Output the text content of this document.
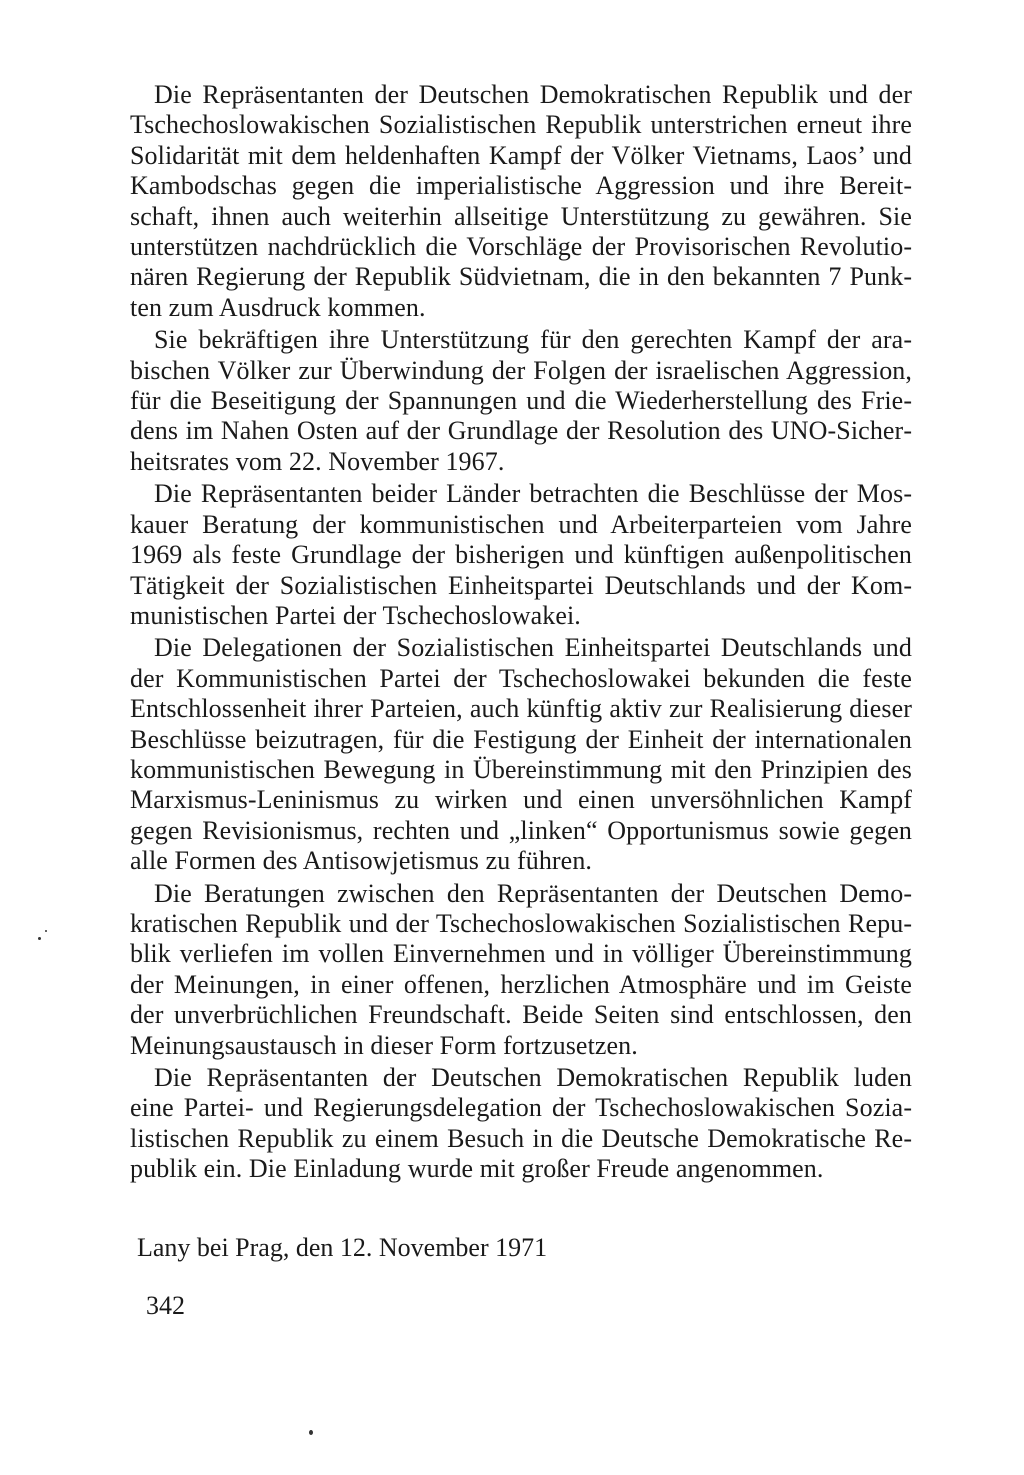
Die Repräsentanten der Deutschen Demokratischen Republik und der Tschechoslowakischen Sozialistischen Republik unterstrichen erneut ihre Solidarität mit dem heldenhaften Kampf der Völker Vietnams, Laos’ und Kambodschas gegen die imperialistische Aggression und ihre Bereitschaft, ihnen auch weiterhin allseitige Unterstützung zu gewähren. Sie unterstützen nachdrücklich die Vorschläge der Provisorischen Revolutionären Regierung der Republik Südvietnam, die in den bekannten 7 Punkten zum Ausdruck kommen.

Sie bekräftigen ihre Unterstützung für den gerechten Kampf der arabischen Völker zur Überwindung der Folgen der israelischen Aggression, für die Beseitigung der Spannungen und die Wiederherstellung des Friedens im Nahen Osten auf der Grundlage der Resolution des UNO-Sicherheitsrates vom 22. November 1967.

Die Repräsentanten beider Länder betrachten die Beschlüsse der Moskauer Beratung der kommunistischen und Arbeiterparteien vom Jahre 1969 als feste Grundlage der bisherigen und künftigen außenpolitischen Tätigkeit der Sozialistischen Einheitspartei Deutschlands und der Kommunistischen Partei der Tschechoslowakei.

Die Delegationen der Sozialistischen Einheitspartei Deutschlands und der Kommunistischen Partei der Tschechoslowakei bekunden die feste Entschlossenheit ihrer Parteien, auch künftig aktiv zur Realisierung dieser Beschlüsse beizutragen, für die Festigung der Einheit der internationalen kommunistischen Bewegung in Übereinstimmung mit den Prinzipien des Marxismus-Leninismus zu wirken und einen unversöhnlichen Kampf gegen Revisionismus, rechten und „linken“ Opportunismus sowie gegen alle Formen des Antisowjetismus zu führen.

Die Beratungen zwischen den Repräsentanten der Deutschen Demokratischen Republik und der Tschechoslowakischen Sozialistischen Republik verliefen im vollen Einvernehmen und in völliger Übereinstimmung der Meinungen, in einer offenen, herzlichen Atmosphäre und im Geiste der unverbrüchlichen Freundschaft. Beide Seiten sind entschlossen, den Meinungsaustausch in dieser Form fortzusetzen.

Die Repräsentanten der Deutschen Demokratischen Republik luden eine Partei- und Regierungsdelegation der Tschechoslowakischen Sozialistischen Republik zu einem Besuch in die Deutsche Demokratische Republik ein. Die Einladung wurde mit großer Freude angenommen.

Lany bei Prag, den 12. November 1971

342
